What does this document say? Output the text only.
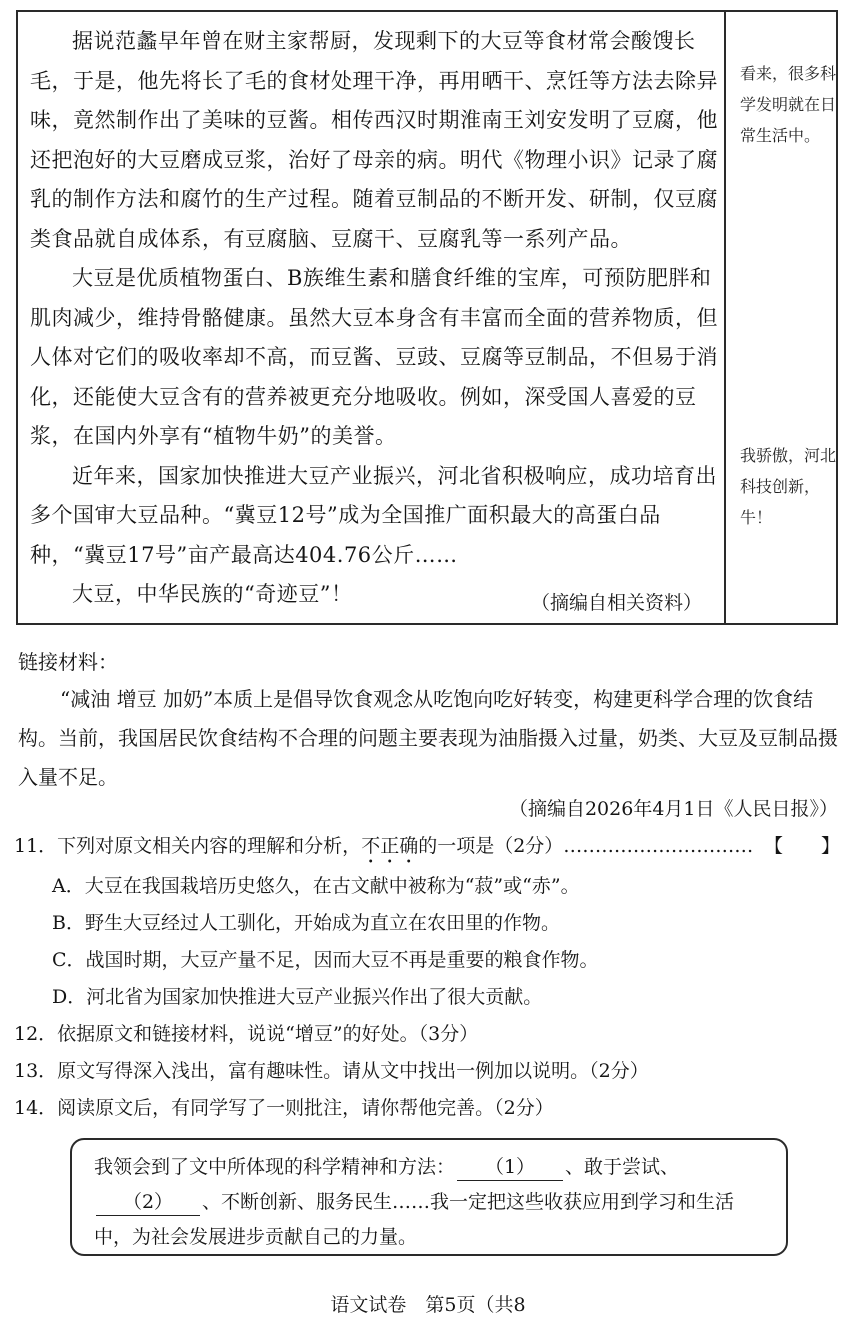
据说范蠡早年曾在财主家帮厨，发现剩下的大豆等食材常会酸馊长毛，于是，他先将长了毛的食材处理干净，再用晒干、烹饪等方法去除异味，竟然制作出了美味的豆酱。相传西汉时期淮南王刘安发明了豆腐，他还把泡好的大豆磨成豆浆，治好了母亲的病。明代《物理小识》记录了腐乳的制作方法和腐竹的生产过程。随着豆制品的不断开发、研制，仅豆腐类食品就自成体系，有豆腐脑、豆腐干、豆腐乳等一系列产品。

大豆是优质植物蛋白、B族维生素和膳食纤维的宝库，可预防肥胖和肌肉减少，维持骨骼健康。虽然大豆本身含有丰富而全面的营养物质，但人体对它们的吸收率却不高，而豆酱、豆豉、豆腐等豆制品，不但易于消化，还能使大豆含有的营养被更充分地吸收。例如，深受国人喜爱的豆浆，在国内外享有“植物牛奶”的美誉。

近年来，国家加快推进大豆产业振兴，河北省积极响应，成功培育出多个国审大豆品种。“冀豆12号”成为全国推广面积最大的高蛋白品种，“冀豆17号”亩产最高达404.76公斤……

大豆，中华民族的“奇迹豆”！	（摘编自相关资料）
看来，很多科学发明就在日常生活中。
我骄傲，河北科技创新，牛！
链接材料：

“减油 增豆 加奶”本质上是倡导饮食观念从吃饱向吃好转变，构建更科学合理的饮食结构。当前，我国居民饮食结构不合理的问题主要表现为油脂摄入过量，奶类、大豆及豆制品摄入量不足。

（摘编自2026年4月1日《人民日报》）
11．下列对原文相关内容的理解和分析，不正确的一项是（2分）………………………… 【　　】
A．大豆在我国栽培历史悠久，在古文献中被称为“菽”或“赤”。
B．野生大豆经过人工驯化，开始成为直立在农田里的作物。
C．战国时期，大豆产量不足，因而大豆不再是重要的粮食作物。
D．河北省为国家加快推进大豆产业振兴作出了很大贡献。
12．依据原文和链接材料，说说“增豆”的好处。（3分）
13．原文写得深入浅出，富有趣味性。请从文中找出一例加以说明。（2分）
14．阅读原文后，有同学写了一则批注，请你帮他完善。（2分）

我领会到了文中所体现的科学精神和方法： （1） 、敢于尝试、（2） 、不断创新、服务民生……我一定把这些收获应用到学习和生活中，为社会发展进步贡献自己的力量。

语文试卷　第5页（共8
